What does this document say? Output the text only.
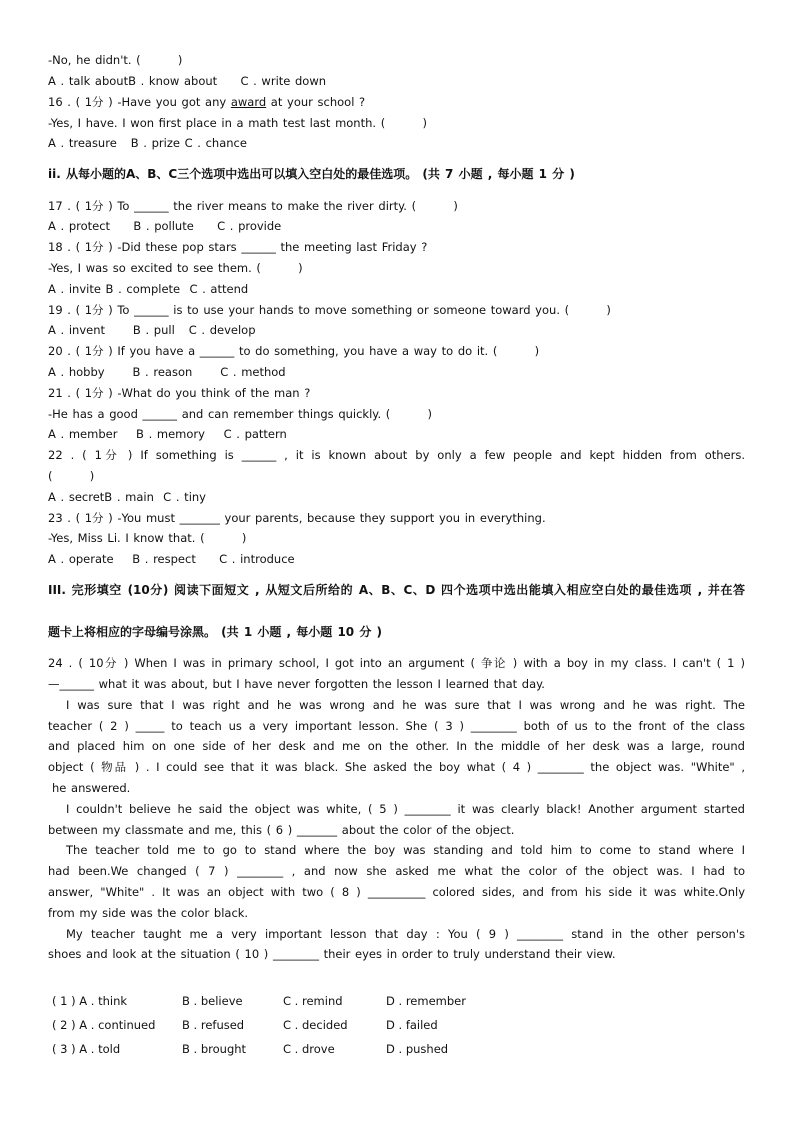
-No, he didn't. (        )
A . talk aboutB . know about     C . write down
16 . ( 1分 ) -Have you got any award at your school ?
-Yes, I have. I won first place in a math test last month. (        )
A . treasure   B . prize C . chance
ii. 从每小题的A、B、C三个选项中选出可以填入空白处的最佳选项。 (共 7 小题 , 每小题 1 分 )
17 . ( 1分 ) To ______ the river means to make the river dirty. (        )
A . protect     B . pollute     C . provide
18 . ( 1分 ) -Did these pop stars ______ the meeting last Friday ?
-Yes, I was so excited to see them. (        )
A . invite B . complete  C . attend
19 . ( 1分 ) To ______ is to use your hands to move something or someone toward you. (        )
A . invent      B . pull   C . develop
20 . ( 1分 ) If you have a ______ to do something, you have a way to do it. (        )
A . hobby      B . reason      C . method
21 . ( 1分 ) -What do you think of the man ?
-He has a good ______ and can remember things quickly. (        )
A . member    B . memory    C . pattern
22 . ( 1分 ) If something is ______ , it is known about by only a few people and kept hidden from others.
(        )
A . secretB . main  C . tiny
23 . ( 1分 ) -You must _______ your parents, because they support you in everything.
-Yes, Miss Li. I know that. (        )
A . operate    B . respect     C . introduce
III. 完形填空 (10分) 阅读下面短文 , 从短文后所给的 A、B、C、D 四个选项中选出能填入相应空白处的最佳选项 , 并在答
题卡上将相应的字母编号涂黑。 (共 1 小题 , 每小题 10 分 )
24 . ( 10分 ) When I was in primary school, I got into an argument ( 争论 ) with a boy in my class. I can't ( 1 )
—______ what it was about, but I have never forgotten the lesson I learned that day.
I was sure that I was right and he was wrong and he was sure that I was wrong and he was right. The
teacher ( 2 ) _____ to teach us a very important lesson. She ( 3 ) ________ both of us to the front of the class
and placed him on one side of her desk and me on the other. In the middle of her desk was a large, round
object ( 物品 ) . I could see that it was black. She asked the boy what ( 4 ) ________ the object was. "White" ,
he answered.
I couldn't believe he said the object was white, ( 5 ) ________ it was clearly black! Another argument started
between my classmate and me, this ( 6 ) _______ about the color of the object.
The teacher told me to go to stand where the boy was standing and told him to come to stand where I
had been.We changed ( 7 ) ________ , and now she asked me what the color of the object was. I had to
answer, "White" . It was an object with two ( 8 ) __________ colored sides, and from his side it was white.Only
from my side was the color black.
My teacher taught me a very important lesson that day : You ( 9 ) ________ stand in the other person's
shoes and look at the situation ( 10 ) ________ their eyes in order to truly understand their view.
( 1 ) A . think	B . believe	C . remind	D . remember
( 2 ) A . continued B . refused	C . decided	D . failed
( 3 ) A . told	B . brought	C . drove	D . pushed
